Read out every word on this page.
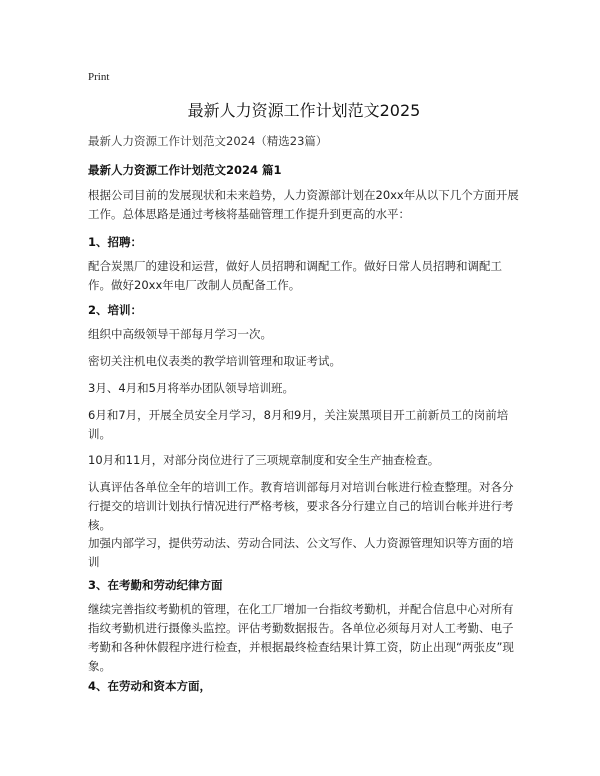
Print
最新人力资源工作计划范文2025
最新人力资源工作计划范文2024（精选23篇）
最新人力资源工作计划范文2024 篇1

根据公司目前的发展现状和未来趋势，人力资源部计划在20xx年从以下几个方面开展工作。总体思路是通过考核将基础管理工作提升到更高的水平：

1、招聘：

配合炭黑厂的建设和运营，做好人员招聘和调配工作。做好日常人员招聘和调配工作。做好20xx年电厂改制人员配备工作。

2、培训：

组织中高级领导干部每月学习一次。

密切关注机电仪表类的教学培训管理和取证考试。

3月、4月和5月将举办团队领导培训班。

6月和7月，开展全员安全月学习，8月和9月，关注炭黑项目开工前新员工的岗前培训。

10月和11月，对部分岗位进行了三项规章制度和安全生产抽查检查。

认真评估各单位全年的培训工作。教育培训部每月对培训台帐进行检查整理。对各分行提交的培训计划执行情况进行严格考核，要求各分行建立自己的培训台帐并进行考核。

加强内部学习，提供劳动法、劳动合同法、公文写作、人力资源管理知识等方面的培训

3、在考勤和劳动纪律方面

继续完善指纹考勤机的管理，在化工厂增加一台指纹考勤机，并配合信息中心对所有指纹考勤机进行摄像头监控。评估考勤数据报告。各单位必须每月对人工考勤、电子考勤和各种休假程序进行检查，并根据最终检查结果计算工资，防止出现“两张皮”现象。

4、在劳动和资本方面，
